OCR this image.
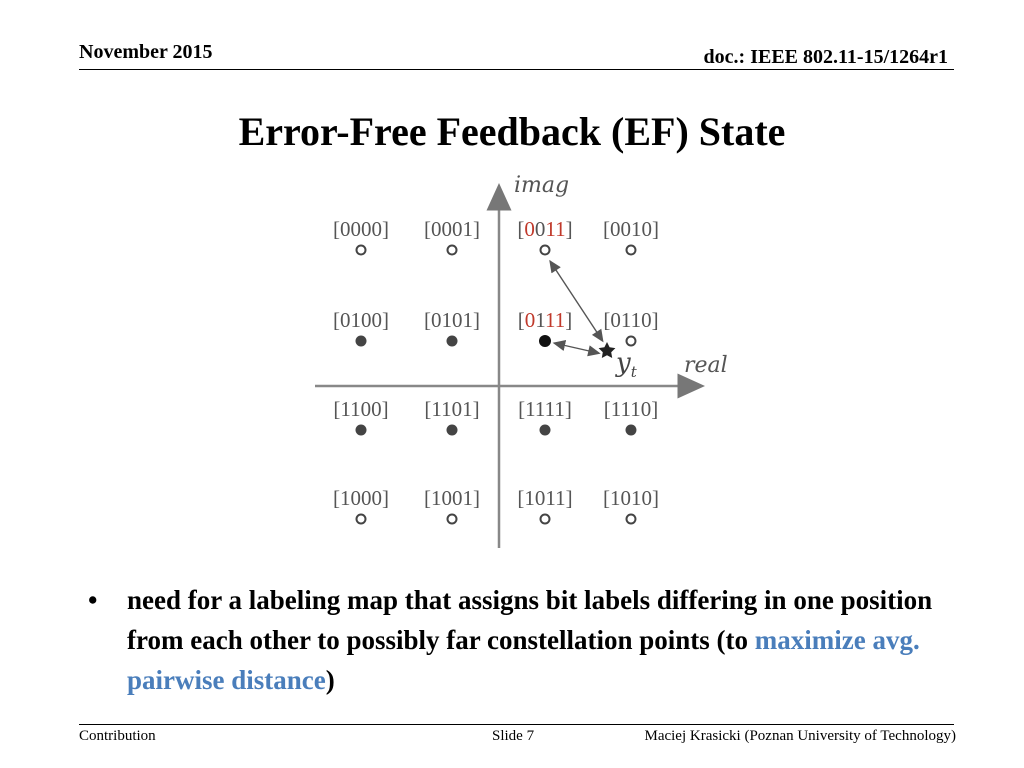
November 2015	doc.: IEEE 802.11-15/1264r1
Error-Free Feedback (EF) State
imag
real
[0000] [0001] [0011] [0010]
[0100] [0101] [0111] [0110]
[1100] [1101] [1111] [1110]
[1000] [1001] [1011] [1010]
$y_t$
• need for a labeling map that assigns bit labels differing in one position from each other to possibly far constellation points (to maximize avg. pairwise distance)
Contribution	Slide 7	Maciej Krasicki (Poznan University of Technology)
